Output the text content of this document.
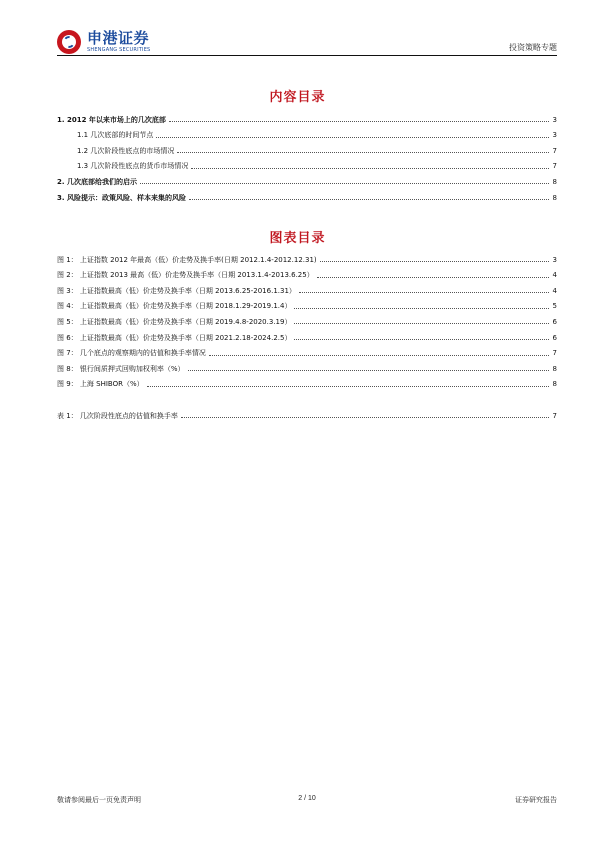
申港证券
SHENGANG SECURITIES	投资策略专题
内容目录
1. 2012 年以来市场上的几次底部	3
1.1 几次底部的时间节点	3
1.2 几次阶段性底点的市场情况	7
1.3 几次阶段性底点的货币市场情况	7
2. 几次底部给我们的启示	8
3. 风险提示：政策风险、样本来集的风险	8
图表目录
图 1： 上证指数 2012 年最高（低）价走势及换手率(日期 2012.1.4-2012.12.31)	3
图 2： 上证指数 2013 最高（低）价走势及换手率（日期 2013.1.4-2013.6.25）	4
图 3： 上证指数最高（低）价走势及换手率（日期 2013.6.25-2016.1.31）	4
图 4： 上证指数最高（低）价走势及换手率（日期 2018.1.29-2019.1.4）	5
图 5： 上证指数最高（低）价走势及换手率（日期 2019.4.8-2020.3.19）	6
图 6： 上证指数最高（低）价走势及换手率（日期 2021.2.18-2024.2.5）	6
图 7： 几个底点的观察期内的估值和换手率情况	7
图 8： 银行间质押式回购加权利率（%）	8
图 9： 上海 SHIBOR（%）	8
表 1： 几次阶段性底点的估值和换手率	7
敬请参阅最后一页免责声明	2 / 10	证券研究报告
